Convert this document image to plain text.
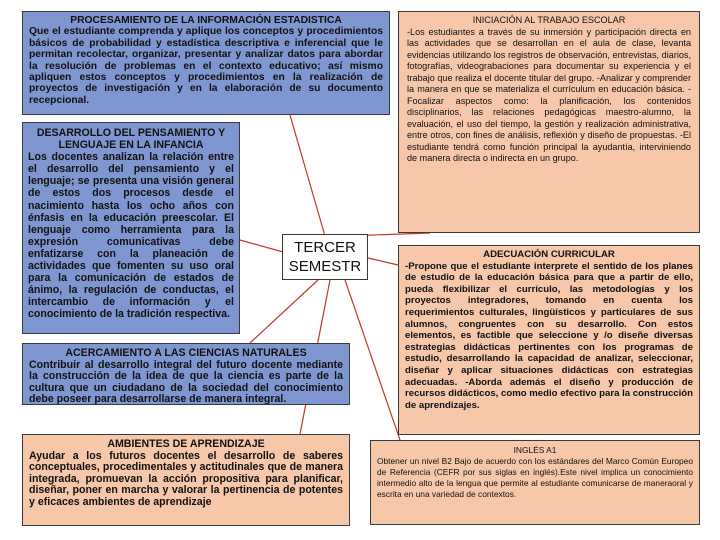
PROCESAMIENTO DE LA INFORMACIÓN ESTADISTICA
Que el estudiante comprenda y aplique los conceptos y procedimientos básicos de probabilidad y estadística descriptiva e inferencial que le permitan recolectar, organizar, presentar y analizar datos para abordar la resolución de problemas en el contexto educativo; así mismo apliquen estos conceptos y procedimientos en la realización de proyectos de investigación y en la elaboración de su documento recepcional.
DESARROLLO DEL PENSAMIENTO Y LENGUAJE EN LA INFANCIA
Los docentes analizan la relación entre el desarrollo del pensamiento y el lenguaje; se presenta una visión general de estos dos procesos desde el nacimiento hasta los ocho años con énfasis en la educación preescolar. El lenguaje como herramienta para la expresión comunicativas debe enfatizarse con la planeación de actividades que fomenten su uso oral para la comunicación de estados de ánimo, la regulación de conductas, el intercambio de información y el conocimiento de la tradición respectiva.
ACERCAMIENTO A LAS CIENCIAS NATURALES
Contribuir al desarrollo integral del futuro docente mediante la construcción de la idea de que la ciencia es parte de la cultura que un ciudadano de la sociedad del conocimiento debe poseer para desarrollarse de manera integral.
AMBIENTES DE APRENDIZAJE
Ayudar a los futuros docentes el desarrollo de saberes conceptuales, procedimentales y actitudinales que de manera integrada, promuevan la acción propositiva para planificar, diseñar, poner en marcha y valorar la pertinencia de potentes y eficaces ambientes de aprendizaje
INICIACIÓN AL TRABAJO ESCOLAR
-Los estudiantes a través de su inmersión y participación directa en las actividades que se desarrollan en el aula de clase, levanta evidencias utilizando los registros de observación, entrevistas, diarios, fotografías, videograbaciones para documentar su experiencia y el trabajo que realiza el docente titular del grupo. -Analizar y comprender la manera en que se materializa el currículum en educación básica. -Focalizar aspectos como: la planificación, los contenidos disciplinarios, las relaciones pedagógicas maestro-alumno, la evaluación, el uso del tiempo, la gestión y realización administrativa, entre otros, con fines de análisis, reflexión y diseño de propuestas. -El estudiante tendrá como función principal la ayudantía, interviniendo de manera directa o indirecta en un grupo.
ADECUACIÓN CURRICULAR
-Propone que el estudiante interprete el sentido de los planes de estudio de la educación básica para que a partir de ello, pueda flexibilizar el currículo, las metodologías y los proyectos integradores, tomando en cuenta los requerimientos culturales, lingüísticos y particulares de sus alumnos, congruentes con su desarrollo. Con estos elementos, es factible que seleccione y /o diseñe diversas estrategias didácticas pertinentes con los programas de estudio, desarrollando la capacidad de analizar, seleccionar, diseñar y aplicar situaciones didácticas con estrategias adecuadas. -Aborda además el diseño y producción de recursos didácticos, como medio efectivo para la construcción de aprendizajes.
INGLÉS A1
Obtener un nivel B2 Bajo de acuerdo con los estándares del Marco Común Europeo de Referencia (CEFR por sus siglas en inglés).Este nivel implica un conocimiento intermedio alto de la lengua que permite al estudiante comunicarse de maneraoral y escrita en una variedad de contextos.
TERCER
SEMESTR
